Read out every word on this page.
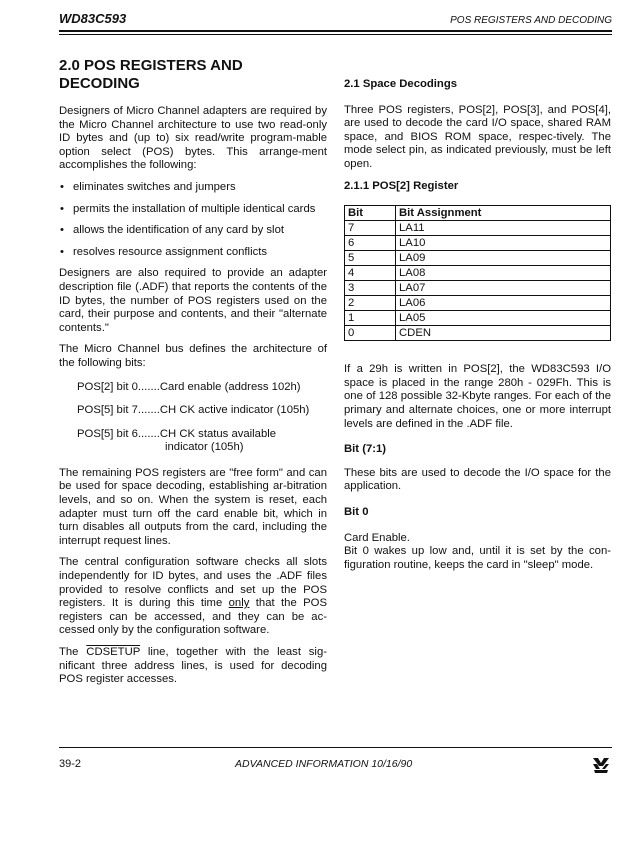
WD83C593	POS REGISTERS AND DECODING
2.0 POS REGISTERS AND DECODING

Designers of Micro Channel adapters are required by the Micro Channel architecture to use two read-only ID bytes and (up to) six read/write program-mable option select (POS) bytes. This arrange-ment accomplishes the following:

• eliminates switches and jumpers
• permits the installation of multiple identical cards
• allows the identification of any card by slot
• resolves resource assignment conflicts

Designers are also required to provide an adapter description file (.ADF) that reports the contents of the ID bytes, the number of POS registers used on the card, their purpose and contents, and their "alternate contents."

The Micro Channel bus defines the architecture of the following bits:

POS[2] bit 0.......Card enable (address 102h)
POS[5] bit 7.......CH CK active indicator (105h)
POS[5] bit 6.......CH CK status available
indicator (105h)

The remaining POS registers are "free form" and can be used for space decoding, establishing ar-bitration levels, and so on. When the system is reset, each adapter must turn off the card enable bit, which in turn disables all outputs from the card, including the interrupt request lines.

The central configuration software checks all slots independently for ID bytes, and uses the .ADF files provided to resolve conflicts and set up the POS registers. It is during this time only that the POS registers can be accessed, and they can be ac-cessed only by the configuration software.

The CDSETUP line, together with the least sig-nificant three address lines, is used for decoding POS register accesses.

2.1 Space Decodings

Three POS registers, POS[2], POS[3], and POS[4], are used to decode the card I/O space, shared RAM space, and BIOS ROM space, respec-tively. The mode select pin, as indicated previously, must be left open.

2.1.1 POS[2] Register
Bit	Bit Assignment
7	LA11
6	LA10
5	LA09
4	LA08
3	LA07
2	LA06
1	LA05
0	CDEN

If a 29h is written in POS[2], the WD83C593 I/O space is placed in the range 280h - 029Fh. This is one of 128 possible 32-Kbyte ranges. For each of the primary and alternate choices, one or more interrupt levels are defined in the .ADF file.

Bit (7:1)

These bits are used to decode the I/O space for the application.

Bit 0

Card Enable.

Bit 0 wakes up low and, until it is set by the con-figuration routine, keeps the card in "sleep" mode.

39-2	ADVANCED INFORMATION 10/16/90
